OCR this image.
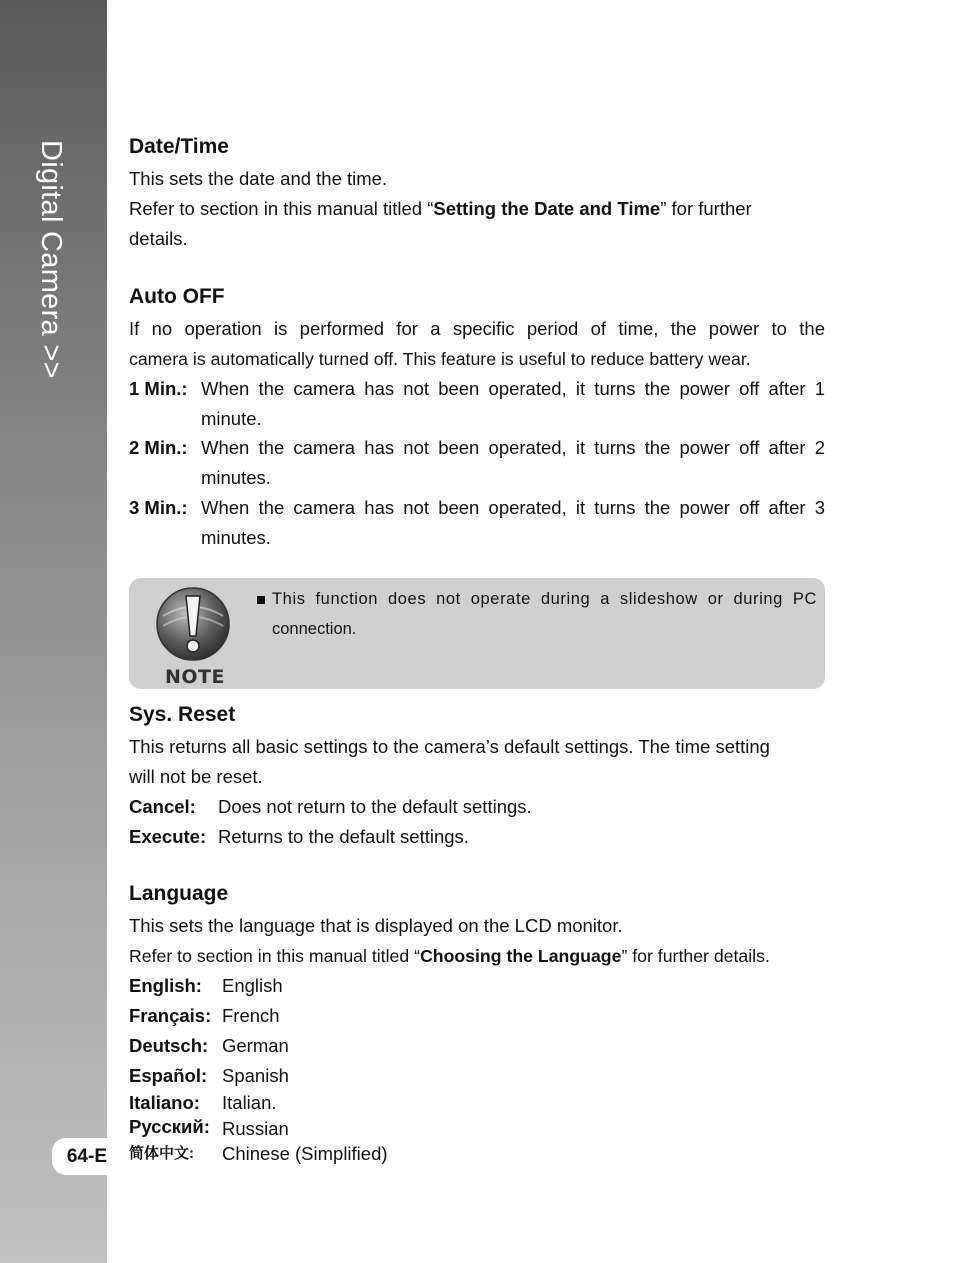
Digital Camera >>
64-E
Date/Time
This sets the date and the time.
Refer to section in this manual titled “Setting the Date and Time” for further
details.
Auto OFF
If no operation is performed for a specific period of time, the power to the
camera is automatically turned off. This feature is useful to reduce battery wear.
1 Min.: When the camera has not been operated, it turns the power off after 1 minute.
2 Min.: When the camera has not been operated, it turns the power off after 2 minutes.
3 Min.: When the camera has not been operated, it turns the power off after 3 minutes.
Sys. Reset
This returns all basic settings to the camera’s default settings. The time setting
will not be reset.
Cancel: Does not return to the default settings.
Execute: Returns to the default settings.
Language
This sets the language that is displayed on the LCD monitor.
Refer to section in this manual titled “Choosing the Language” for further details.
English: English
Français: French
Deutsch: German
Español: Spanish
Italiano: Italian.
Русский: Russian
简体中文: Chinese (Simplified)
NOTE
This function does not operate during a slideshow or during PC
connection.
